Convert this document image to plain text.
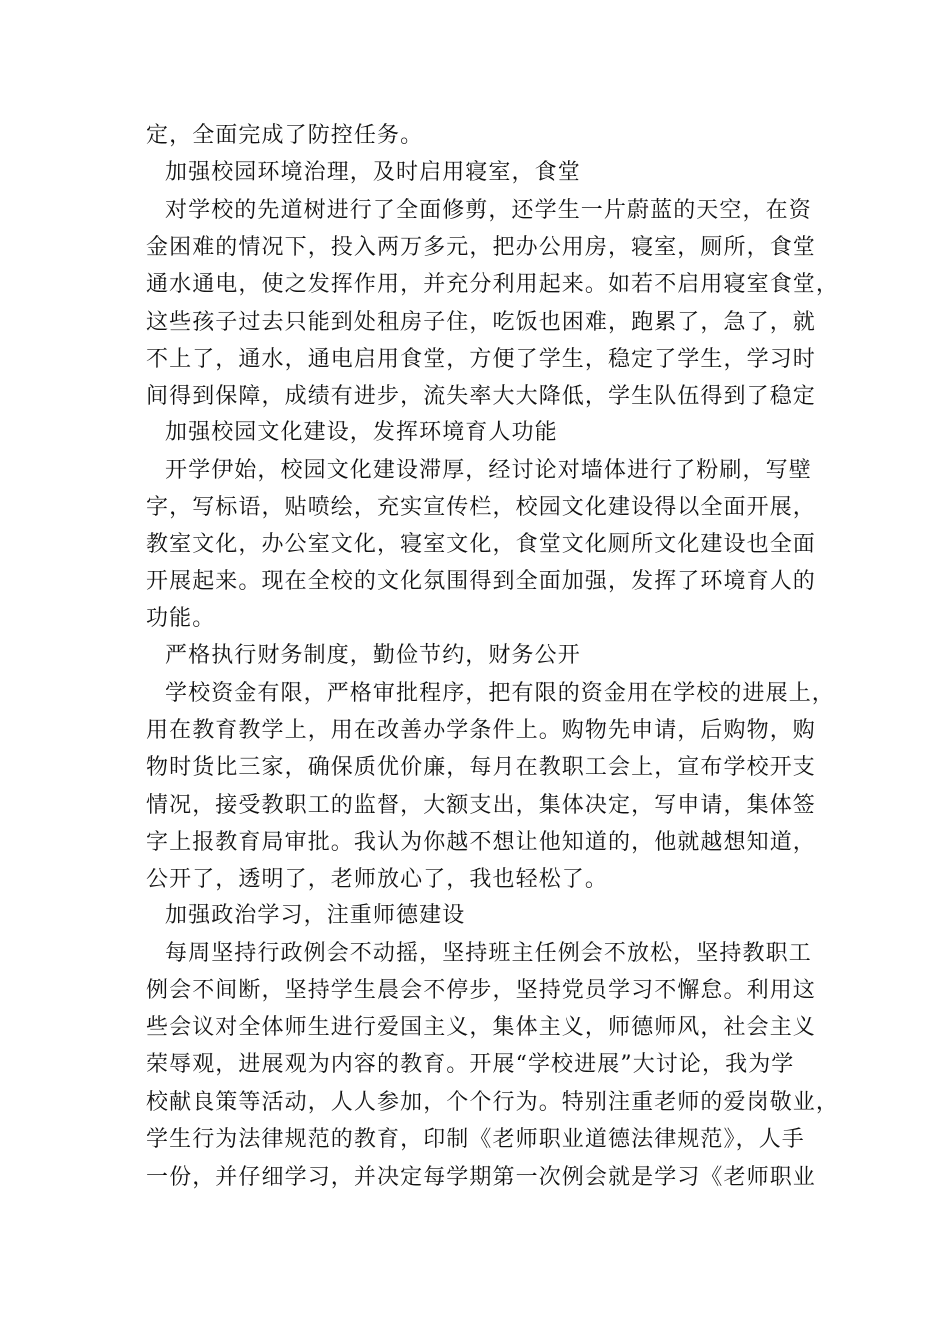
定，全面完成了防控任务。
加强校园环境治理，及时启用寝室，食堂
对学校的先道树进行了全面修剪，还学生一片蔚蓝的天空，在资
金困难的情况下，投入两万多元，把办公用房，寝室，厕所，食堂
通水通电，使之发挥作用，并充分利用起来。如若不启用寝室食堂，
这些孩子过去只能到处租房子住，吃饭也困难，跑累了，急了，就
不上了，通水，通电启用食堂，方便了学生，稳定了学生，学习时
间得到保障，成绩有进步，流失率大大降低，学生队伍得到了稳定
加强校园文化建设，发挥环境育人功能
开学伊始，校园文化建设滞厚，经讨论对墙体进行了粉刷，写壁
字，写标语，贴喷绘，充实宣传栏，校园文化建设得以全面开展，
教室文化，办公室文化，寝室文化，食堂文化厕所文化建设也全面
开展起来。现在全校的文化氛围得到全面加强，发挥了环境育人的
功能。
严格执行财务制度，勤俭节约，财务公开
学校资金有限，严格审批程序，把有限的资金用在学校的进展上，
用在教育教学上，用在改善办学条件上。购物先申请，后购物，购
物时货比三家，确保质优价廉，每月在教职工会上，宣布学校开支
情况，接受教职工的监督，大额支出，集体决定，写申请，集体签
字上报教育局审批。我认为你越不想让他知道的，他就越想知道，
公开了，透明了，老师放心了，我也轻松了。
加强政治学习，注重师德建设
每周坚持行政例会不动摇，坚持班主任例会不放松，坚持教职工
例会不间断，坚持学生晨会不停步，坚持党员学习不懈怠。利用这
些会议对全体师生进行爱国主义，集体主义，师德师风，社会主义
荣辱观，进展观为内容的教育。开展“学校进展”大讨论，我为学
校献良策等活动，人人参加，个个行为。特别注重老师的爱岗敬业，
学生行为法律规范的教育，印制《老师职业道德法律规范》，人手
一份，并仔细学习，并决定每学期第一次例会就是学习《老师职业
